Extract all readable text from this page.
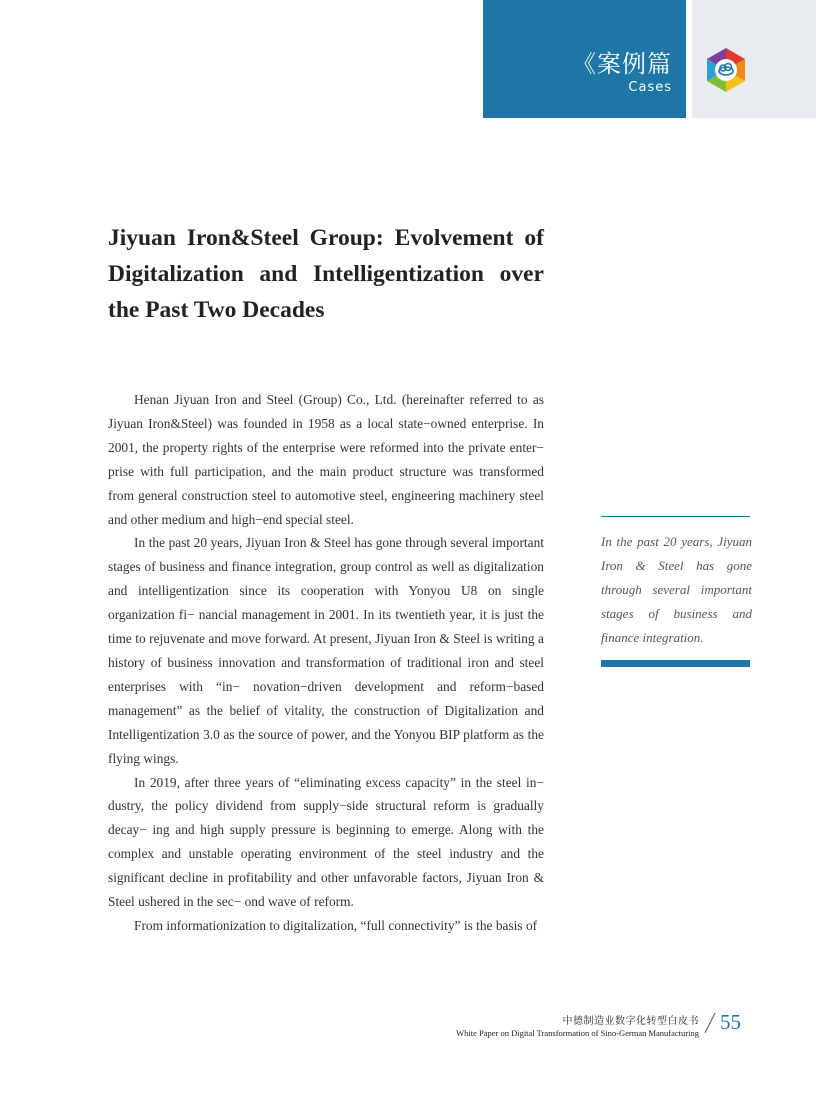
《案例篇
Cases
Jiyuan Iron&Steel Group: Evolvement of Digitalization and Intelligentization over the Past Two Decades

Henan Jiyuan Iron and Steel (Group) Co., Ltd. (hereinafter referred to as Jiyuan Iron&Steel) was founded in 1958 as a local state−owned enterprise. In 2001, the property rights of the enterprise were reformed into the private enter− prise with full participation, and the main product structure was transformed from general construction steel to automotive steel, engineering machinery steel and other medium and high−end special steel.

In the past 20 years, Jiyuan Iron & Steel has gone through several important stages of business and finance integration, group control as well as digitalization and intelligentization since its cooperation with Yonyou U8 on single organization fi− nancial management in 2001. In its twentieth year, it is just the time to rejuvenate and move forward. At present, Jiyuan Iron & Steel is writing a history of business innovation and transformation of traditional iron and steel enterprises with “in− novation−driven development and reform−based management” as the belief of vitality, the construction of Digitalization and Intelligentization 3.0 as the source of power, and the Yonyou BIP platform as the flying wings.

In 2019, after three years of “eliminating excess capacity” in the steel in− dustry, the policy dividend from supply−side structural reform is gradually decay− ing and high supply pressure is beginning to emerge. Along with the complex and unstable operating environment of the steel industry and the significant decline in profitability and other unfavorable factors, Jiyuan Iron & Steel ushered in the sec− ond wave of reform.

From informationization to digitalization, “full connectivity” is the basis of

In the past 20 years, Jiyuan Iron & Steel has gone through several important stages of business and finance integration.

中德制造业数字化转型白皮书
White Paper on Digital Transformation of Sino-German Manufacturing 55
